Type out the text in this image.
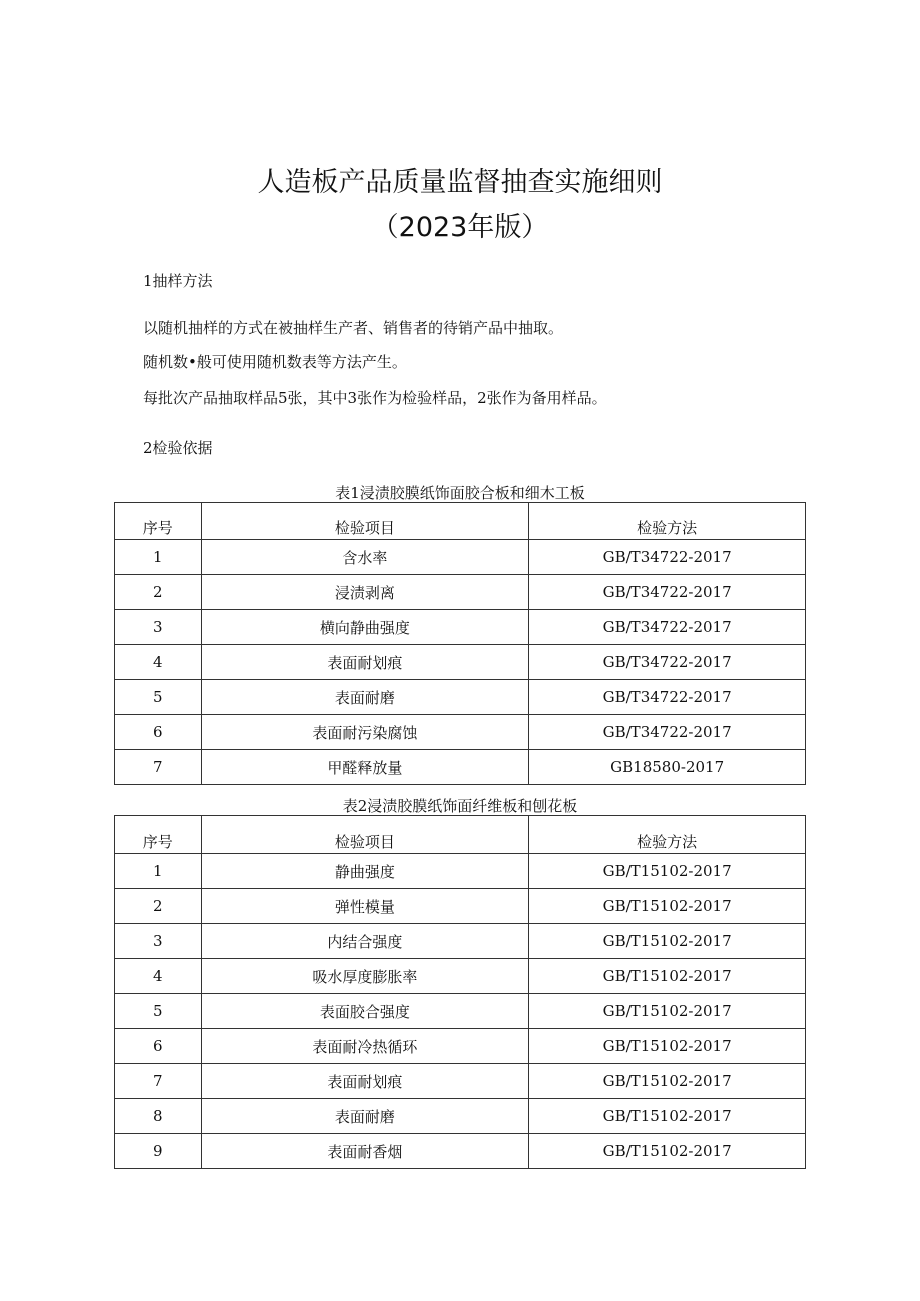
人造板产品质量监督抽查实施细则
（2023年版）
1抽样方法
以随机抽样的方式在被抽样生产者、销售者的待销产品中抽取。
随机数•般可使用随机数表等方法产生。
每批次产品抽取样品5张，其中3张作为检验样品，2张作为备用样品。
2检验依据
表1浸渍胶膜纸饰面胶合板和细木工板
序号	检验项目	检验方法
1	含水率	GB/T34722-2017
2	浸渍剥离	GB/T34722-2017
3	横向静曲强度	GB/T34722-2017
4	表面耐划痕	GB/T34722-2017
5	表面耐磨	GB/T34722-2017
6	表面耐污染腐蚀	GB/T34722-2017
7	甲醛释放量	GB18580-2017
表2浸渍胶膜纸饰面纤维板和刨花板
序号	检验项目	检验方法
1	静曲强度	GB/T15102-2017
2	弹性模量	GB/T15102-2017
3	内结合强度	GB/T15102-2017
4	吸水厚度膨胀率	GB/T15102-2017
5	表面胶合强度	GB/T15102-2017
6	表面耐冷热循环	GB/T15102-2017
7	表面耐划痕	GB/T15102-2017
8	表面耐磨	GB/T15102-2017
9	表面耐香烟	GB/T15102-2017
